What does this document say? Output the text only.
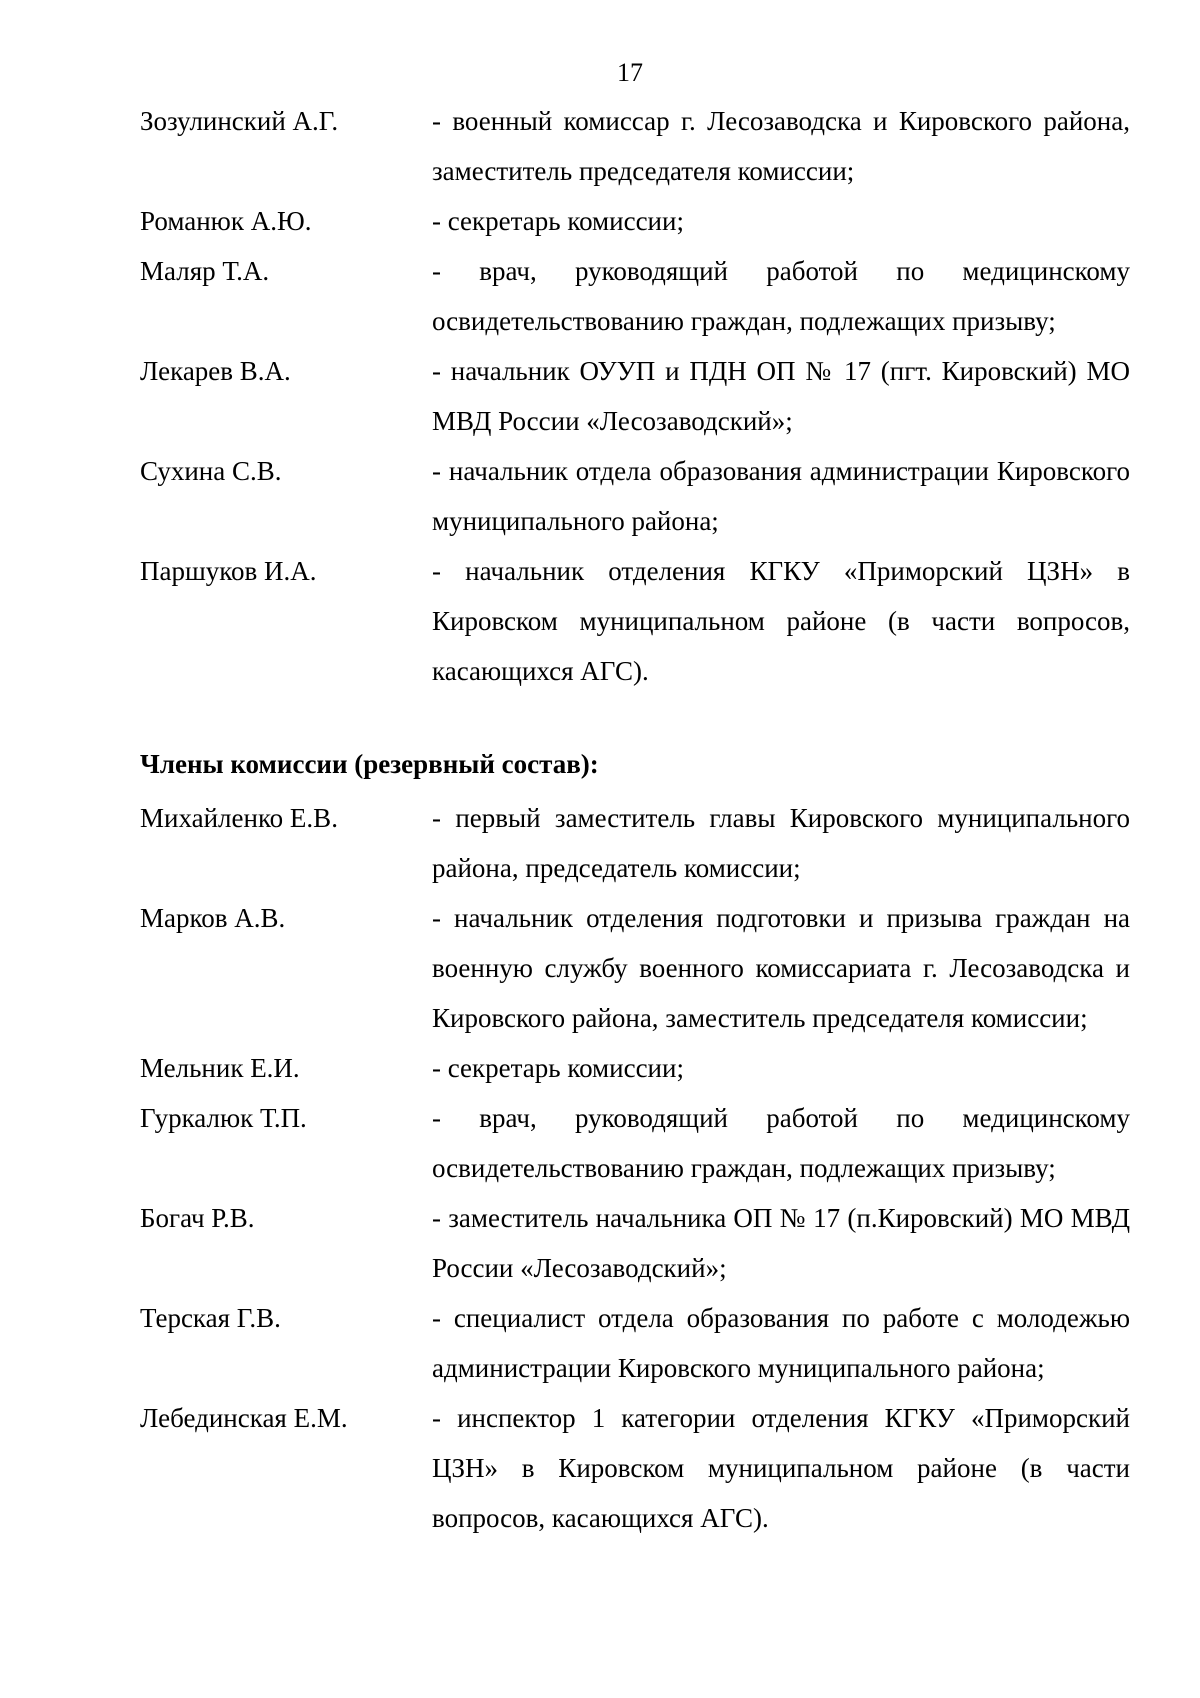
17
Зозулинский А.Г.	- военный комиссар г. Лесозаводска и Кировского района, заместитель председателя комиссии;
Романюк А.Ю.	- секретарь комиссии;
Маляр Т.А.	- врач, руководящий работой по медицинскому освидетельствованию граждан, подлежащих призыву;
Лекарев В.А.	- начальник ОУУП и ПДН ОП № 17 (пгт. Кировский) МО МВД России «Лесозаводский»;
Сухина С.В.	- начальник отдела образования администрации Кировского муниципального района;
Паршуков И.А.	- начальник отделения КГКУ «Приморский ЦЗН» в Кировском муниципальном районе (в части вопросов, касающихся АГС).
Члены комиссии (резервный состав):
Михайленко Е.В.	- первый заместитель главы Кировского муниципального района, председатель комиссии;
Марков А.В.	- начальник отделения подготовки и призыва граждан на военную службу военного комиссариата г. Лесозаводска и Кировского района, заместитель председателя комиссии;
Мельник Е.И.	- секретарь комиссии;
Гуркалюк Т.П.	- врач, руководящий работой по медицинскому освидетельствованию граждан, подлежащих призыву;
Богач Р.В.	- заместитель начальника ОП № 17 (п.Кировский) МО МВД России «Лесозаводский»;
Терская Г.В.	- специалист отдела образования по работе с молодежью администрации Кировского муниципального района;
Лебединская Е.М.	- инспектор 1 категории отделения КГКУ «Приморский ЦЗН» в Кировском муниципальном районе (в части вопросов, касающихся АГС).
